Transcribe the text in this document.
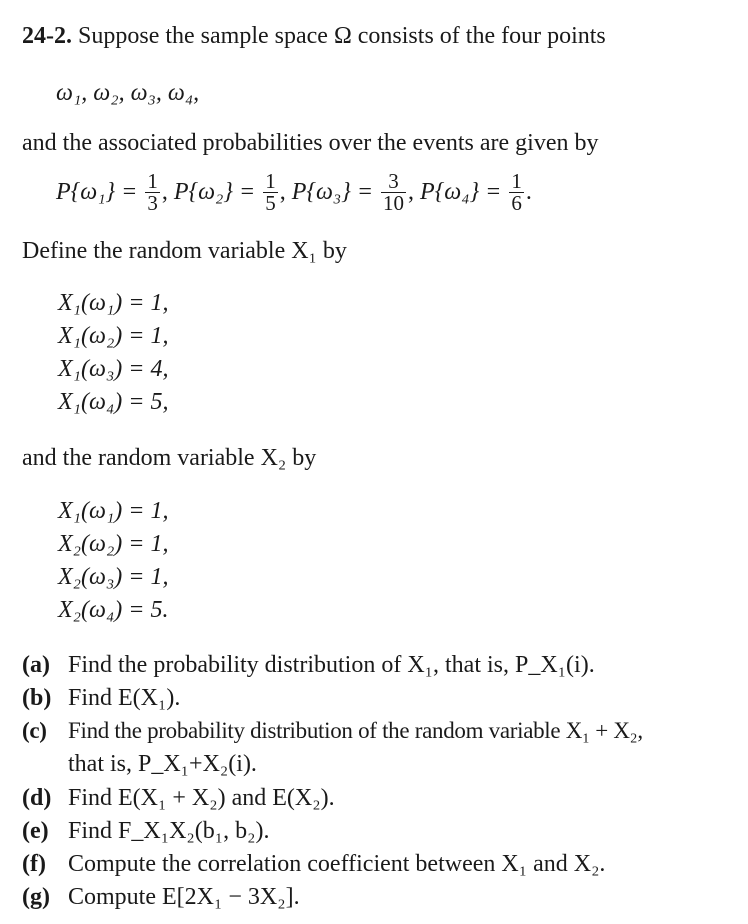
24-2. Suppose the sample space Ω consists of the four points
ω₁, ω₂, ω₃, ω₄,
and the associated probabilities over the events are given by
$P\{\omega_1\} = \frac{1}{3}$ , $P\{\omega_2\} = \frac{1}{5}$ , $P\{\omega_3\} = \frac{3}{10}$ , $P\{\omega_4\} = \frac{1}{6}$ .
Define the random variable X₁ by
X₁(ω₁) = 1,
X₁(ω₂) = 1,
X₁(ω₃) = 4,
X₁(ω₄) = 5,
and the random variable X₂ by
X₁(ω₁) = 1,
X₂(ω₂) = 1,
X₂(ω₃) = 1,
X₂(ω₄) = 5.
(a) Find the probability distribution of X₁, that is, P_X₁(i).
(b) Find E(X₁).
(c) Find the probability distribution of the random variable X₁ + X₂,
that is, P_X₁+X₂(i).
(d) Find E(X₁ + X₂) and E(X₂).
(e) Find F_X₁X₂(b₁, b₂).
(f) Compute the correlation coefficient between X₁ and X₂.
(g) Compute E[2X₁ − 3X₂].
